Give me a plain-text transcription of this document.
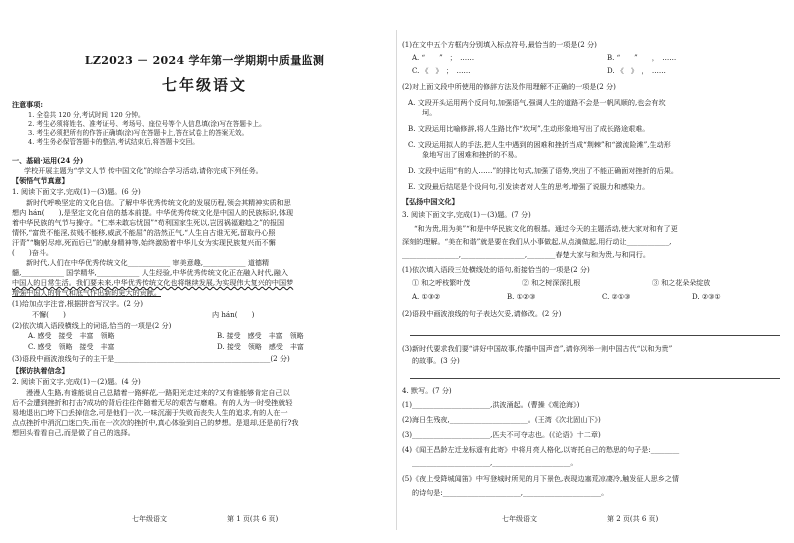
LZ2023 － 2024 学年第一学期期中质量监测
七年级语文
注意事项:
1. 全卷共 120 分,考试时间 120 分钟。
2. 考生必须将姓名、准考证号、考场号、座位号等个人信息填(涂)写在答题卡上。
3. 考生必须把所有的作答正确填(涂)写在答题卡上,答在试卷上的答案无效。
4. 考生务必保管答题卡的整洁,考试结束后,将答题卡交回。
一、基础·运用(24 分)
学校开展主题为“学文人节 传中国文化”的综合学习活动,请你完成下列任务。
【领悟气节真意】
1. 阅读下面文字,完成(1)－(3)题。(6 分)
新时代呼唤坚定的文化自信。了解中华优秀传统文化的发展历程,领会其精神实质和思
想内 hán(　　),是坚定文化自信的基本前提。中华优秀传统文化是中国人的民族标识,体现
着中华民族的气节与操守。“仁率未敢忘忧国”“苟利国家生死以,岂因祸福避趋之”的报国
情怀,“富贵不能淫,贫贱不能移,威武不能屈”的浩然正气,“人生自古谁无死,留取丹心照
汗青”“鞠躬尽瘁,死而后已”的献身精神等,始终激励着中华儿女为实现民族复兴而不懈
(　　)奋斗。
新时代,人们在中华优秀传统文化____________ 审美意趣,____________ 道德精
髓,____________ 国学精华,____________ 人生经验,中华优秀传统文化正在融入时代,融入
中国人的日常生活。我们要未来,中华优秀传统文化也将继续发展,为实现伟大复兴的中国梦
增强中国人的骨气和底气作出新的更大的贡献。
(1)给加点字注音,根据拼音写汉字。(2 分)
不懈(　　)	内 hán(　　)
(2)依次填入语段横线上的词语,恰当的一项是(2 分)
A. 感受　接受　丰富　领略	B. 接受　感受　丰富　领略
C. 感受　领略　接受　丰富	D. 接受　领略　感受　丰富
(3)语段中画波浪线句子的主干是____________________________________________(2 分)
【探访执着信念】
2. 阅读下面文字,完成(1)－(2)题。(4 分)
漫漫人生路,有谁能说自己总踏着一路鲜花,一路阳光走过来的?又有谁能够肯定自己以
后不会遭到挫折和打击?成功的背后往往伴随着无尽的艰苦与磨难。有的人为一时受挫就轻
易地退出□垮下□丢掉信念,可是他们一次,一味沉溺于失败而丧失人生的追求,有的人在一
点点挫折中消沉□迷□失,而在一次次的挫折中,真心体验到自己的梦想。是退却,还是前行?我
想回头看看自己,而是做了自己的选择。
七年级语文	第 1 页(共 6 页)
(1)在文中五个方框内分别填入标点符号,最恰当的一项是(2 分)
A. “　　”　；　……	B. “　　”　　，　……
C. 《　》　；　……	D. 《　》　，　……
(2)对上面文段中所使用的修辞方法及作用理解不正确的一项是(2 分)
A. 文段开头运用两个反问句,加强语气,强调人生的道路不会是一帆风顺的,也会有坎
　　坷。
B. 文段运用比喻修辞,将人生路比作“坎坷”,生动形象地写出了成长路途艰难。
C. 文段运用拟人的手法,把人生中遇到的困难和挫折当成“荆棘”和“激流险滩”,生动形
　　象地写出了困难和挫折的不易。
D. 文段中运用“有的人……”的排比句式,加强了语势,突出了不能正确面对挫折的后果。
E. 文段最后结尾是个设问句,引发读者对人生的思考,增强了说服力和感染力。
【弘扬中国文化】
3. 阅读下面文字,完成(1)－(3)题。(7 分)
“和为贵,用为美”“和是中华民族文化的根基。通过今天的主题活动,使大家对和有了更
深刻的理解。“美在和谐”就是要在我们从小事做起,从点滴做起,用行动让____________,
________________,__________________,________春楚大家与和为贵,与和同行。
(1)依次填入语段三处横线处的语句,衔接恰当的一项是(2 分)
① 和之呼枝繁叶茂	② 和之树深深扎根	③ 和之花朵朵绽放
A. ①③②	B. ①②③	C. ②①③	D. ②③①
(2)语段中画波浪线的句子表达欠妥,请修改。(2 分)
(3)新时代要求我们要“讲好中国故事,传播中国声音”,请你列举一则中国古代“以和为贵”
的故事。(3 分)
4. 默写。(7 分)
(1)______________________,洪波涌起。(曹操《观沧海》)
(2)海日生残夜,______________________。(王湾《次北固山下》)
(3)______________________,匹夫不可夺志也。(《论语》十二章)
(4)《闻王昌龄左迁龙标遥有此寄》中将月亮人格化,以寄托自己的愁思的句子是:________
______________________,______________________。
(5)《夜上受降城闻笛》中写登城时所见的月下景色,表现边塞荒凉凄冷,触发征人思乡之情
的诗句是:______________________,______________________。
七年级语文	第 2 页(共 6 页)
